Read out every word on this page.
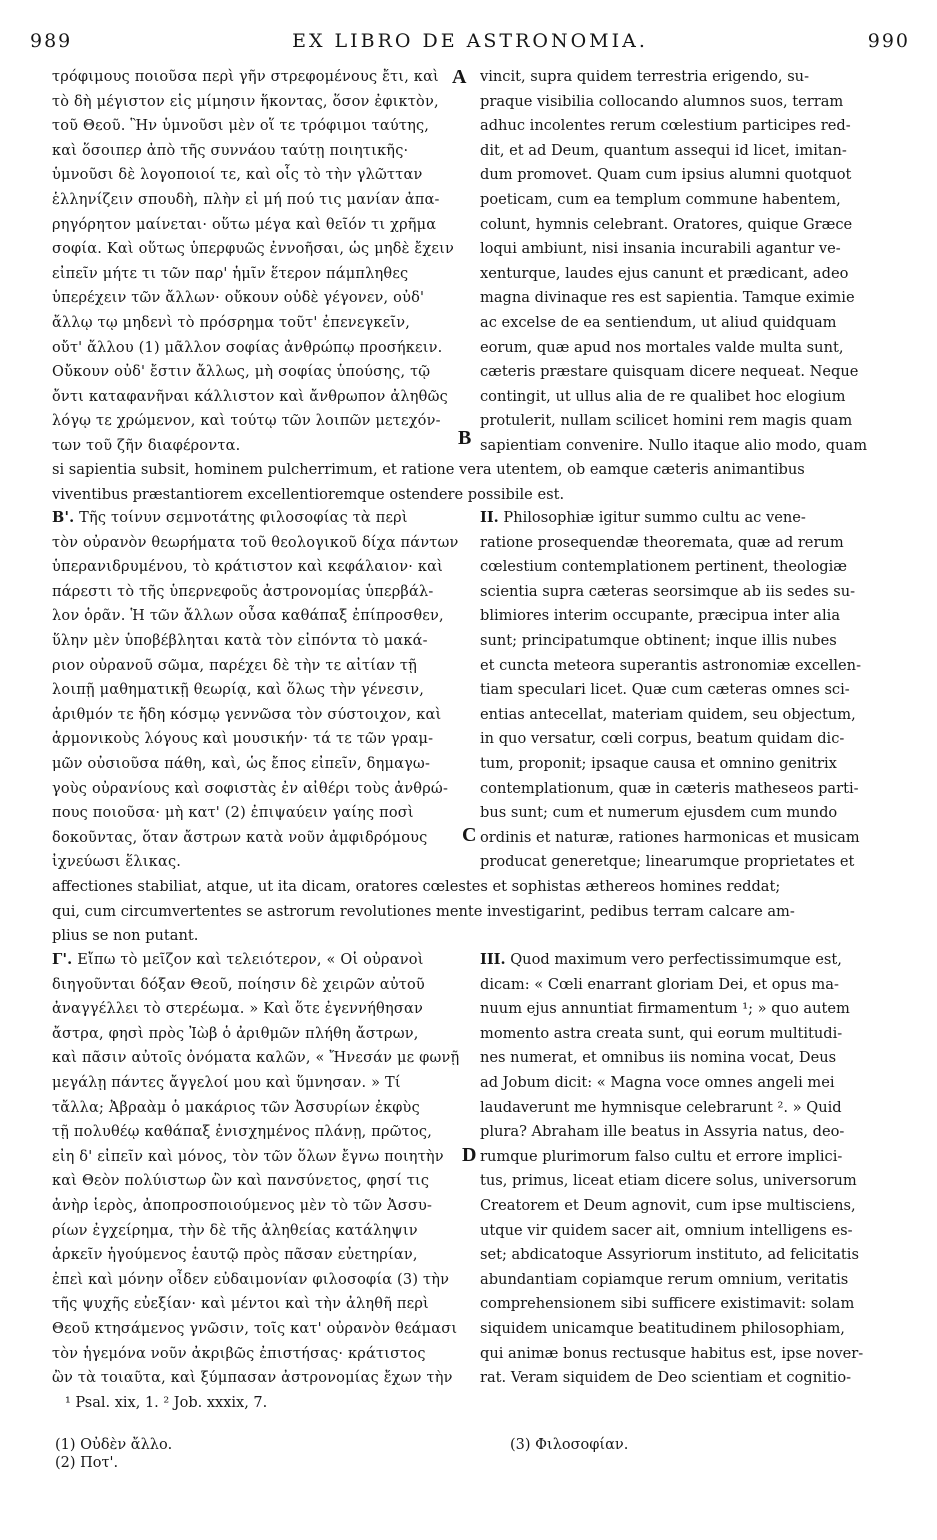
989	EX LIBRO DE ASTRONOMIA.	990
τρόφιμους ποιοῦσα περὶ γῆν στρεφομένους ἔτι, καὶ
τὸ δὴ μέγιστον εἰς μίμησιν ἥκοντας, ὅσον ἐφικτὸν,
τοῦ Θεοῦ. Ἣν ὑμνοῦσι μὲν οἵ τε τρόφιμοι ταύτης,
καὶ ὅσοιπερ ἀπὸ τῆς συννάου ταύτῃ ποιητικῆς·
ὑμνοῦσι δὲ λογοποιοί τε, καὶ οἷς τὸ τὴν γλῶτταν
ἑλληνίζειν σπουδὴ, πλὴν εἰ μή πού τις μανίαν ἀπα-
ρηγόρητον μαίνεται· οὕτω μέγα καὶ θεῖόν τι χρῆμα
σοφία. Καὶ οὕτως ὑπερφυῶς ἐννοῆσαι, ὡς μηδὲ ἔχειν
εἰπεῖν μήτε τι τῶν παρ' ἡμῖν ἕτερον πάμπληθες
ὑπερέχειν τῶν ἄλλων· οὔκουν οὐδὲ γέγονεν, οὐδ'
ἄλλῳ τῳ μηδενὶ τὸ πρόσρημα τοῦτ' ἐπενεγκεῖν,
οὔτ' ἄλλου (1) μᾶλλον σοφίας ἀνθρώπῳ προσήκειν.
Οὔκουν οὐδ' ἔστιν ἄλλως, μὴ σοφίας ὑπούσης, τῷ
ὄντι καταφανῆναι κάλλιστον καὶ ἄνθρωπον ἀληθῶς
λόγῳ τε χρώμενον, καὶ τούτῳ τῶν λοιπῶν μετεχόν-
των τοῦ ζῆν διαφέροντα.
vincit, supra quidem terrestria erigendo, su-
praque visibilia collocando alumnos suos, terram
adhuc incolentes rerum cœlestium participes red-
dit, et ad Deum, quantum assequi id licet, imitan-
dum promovet. Quam cum ipsius alumni quotquot
poeticam, cum ea templum commune habentem,
colunt, hymnis celebrant. Oratores, quique Græce
loqui ambiunt, nisi insania incurabili agantur ve-
xenturque, laudes ejus canunt et prædicant, adeo
magna divinaque res est sapientia. Tamque eximie
ac excelse de ea sentiendum, ut aliud quidquam
eorum, quæ apud nos mortales valde multa sunt,
cæteris præstare quisquam dicere nequeat. Neque
contingit, ut ullus alia de re qualibet hoc elogium
protulerit, nullam scilicet homini rem magis quam
sapientiam convenire. Nullo itaque alio modo, quam
si sapientia subsit, hominem pulcherrimum, et ratione vera utentem, ob eamque cæteris animantibus
viventibus præstantiorem excellentioremque ostendere possibile est.

Β'. Τῆς τοίνυν σεμνοτάτης φιλοσοφίας τὰ περὶ

τὸν οὐρανὸν θεωρήματα τοῦ θεολογικοῦ δίχα πάντων
ὑπερανιδρυμένου, τὸ κράτιστον καὶ κεφάλαιον· καὶ
πάρεστι τὸ τῆς ὑπερνεφοῦς ἀστρονομίας ὑπερβάλ-
λον ὁρᾶν. Ἡ τῶν ἄλλων οὖσα καθάπαξ ἐπίπροσθεν,
ὕλην μὲν ὑποβέβληται κατὰ τὸν εἰπόντα τὸ μακά-
ριον οὐρανοῦ σῶμα, παρέχει δὲ τὴν τε αἰτίαν τῇ
λοιπῇ μαθηματικῇ θεωρίᾳ, καὶ ὅλως τὴν γένεσιν,
ἀριθμόν τε ἤδη κόσμῳ γεννῶσα τὸν σύστοιχον, καὶ
ἁρμονικοὺς λόγους καὶ μουσικήν· τά τε τῶν γραμ-
μῶν οὐσιοῦσα πάθη, καὶ, ὡς ἔπος εἰπεῖν, δημαγω-
γοὺς οὐρανίους καὶ σοφιστὰς ἐν αἰθέρι τοὺς ἀνθρώ-
πους ποιοῦσα· μὴ κατ' (2) ἐπιψαύειν γαίης ποσὶ
δοκοῦντας, ὅταν ἄστρων κατὰ νοῦν ἀμφιδρόμους
ἰχνεύωσι ἕλικας.

II. Philosophiæ igitur summo cultu ac vene-

ratione prosequendæ theoremata, quæ ad rerum
cœlestium contemplationem pertinent, theologiæ
scientia supra cæteras seorsimque ab iis sedes su-
blimiores interim occupante, præcipua inter alia
sunt; principatumque obtinent; inque illis nubes
et cuncta meteora superantis astronomiæ excellen-
tiam speculari licet. Quæ cum cæteras omnes sci-
entias antecellat, materiam quidem, seu objectum,
in quo versatur, cœli corpus, beatum quidam dic-
tum, proponit; ipsaque causa et omnino genitrix
contemplationum, quæ in cæteris matheseos parti-
bus sunt; cum et numerum ejusdem cum mundo
ordinis et naturæ, rationes harmonicas et musicam
producat generetque; linearumque proprietates et
affectiones stabiliat, atque, ut ita dicam, oratores cœlestes et sophistas æthereos homines reddat;
qui, cum circumvertentes se astrorum revolutiones mente investigarint, pedibus terram calcare am-
plius se non putant.

Γ'. Εἴπω τὸ μεῖζον καὶ τελειότερον, « Οἱ οὐρανοὶ

διηγοῦνται δόξαν Θεοῦ, ποίησιν δὲ χειρῶν αὐτοῦ
ἀναγγέλλει τὸ στερέωμα. » Καὶ ὅτε ἐγεννήθησαν
ἄστρα, φησὶ πρὸς Ἰὼβ ὁ ἀριθμῶν πλήθη ἄστρων,
καὶ πᾶσιν αὐτοῖς ὀνόματα καλῶν, « Ἤνεσάν με φωνῇ
μεγάλῃ πάντες ἄγγελοί μου καὶ ὕμνησαν. » Τί
τἄλλα; Ἀβραὰμ ὁ μακάριος τῶν Ἀσσυρίων ἐκφὺς
τῇ πολυθέῳ καθάπαξ ἐνισχημένος πλάνῃ, πρῶτος,
εἰη δ' εἰπεῖν καὶ μόνος, τὸν τῶν ὅλων ἔγνω ποιητὴν
καὶ Θεὸν πολύιστωρ ὢν καὶ πανσύνετος, φησί τις
ἀνὴρ ἱερὸς, ἀποπροσποιούμενος μὲν τὸ τῶν Ἀσσυ-
ρίων ἐγχείρημα, τὴν δὲ τῆς ἀληθείας κατάληψιν
ἀρκεῖν ἡγούμενος ἑαυτῷ πρὸς πᾶσαν εὐετηρίαν,
ἐπεὶ καὶ μόνην οἶδεν εὐδαιμονίαν φιλοσοφία (3) τὴν
τῆς ψυχῆς εὐεξίαν· καὶ μέντοι καὶ τὴν ἀληθῆ περὶ
Θεοῦ κτησάμενος γνῶσιν, τοῖς κατ' οὐρανὸν θεάμασι
τὸν ἡγεμόνα νοῦν ἀκριβῶς ἐπιστήσας· κράτιστος
ὢν τὰ τοιαῦτα, καὶ ξύμπασαν ἀστρονομίας ἔχων τὴν

III. Quod maximum vero perfectissimumque est,

dicam: « Cœli enarrant gloriam Dei, et opus ma-
nuum ejus annuntiat firmamentum ¹; » quo autem
momento astra creata sunt, qui eorum multitudi-
nes numerat, et omnibus iis nomina vocat, Deus
ad Jobum dicit: « Magna voce omnes angeli mei
laudaverunt me hymnisque celebrarunt ². » Quid
plura? Abraham ille beatus in Assyria natus, deo-
rumque plurimorum falso cultu et errore implici-
tus, primus, liceat etiam dicere solus, universorum
Creatorem et Deum agnovit, cum ipse multisciens,
utque vir quidem sacer ait, omnium intelligens es-
set; abdicatoque Assyriorum instituto, ad felicitatis
abundantiam copiamque rerum omnium, veritatis
comprehensionem sibi sufficere existimavit: solam
siquidem unicamque beatitudinem philosophiam,
qui animæ bonus rectusque habitus est, ipse nover-
rat. Veram siquidem de Deo scientiam et cognitio-
A
B
C
D
¹ Psal. xix, 1. ² Job. xxxix, 7.
(1) Οὐδὲν ἄλλο.
(2) Ποτ'.
(3) Φιλοσοφίαν.
